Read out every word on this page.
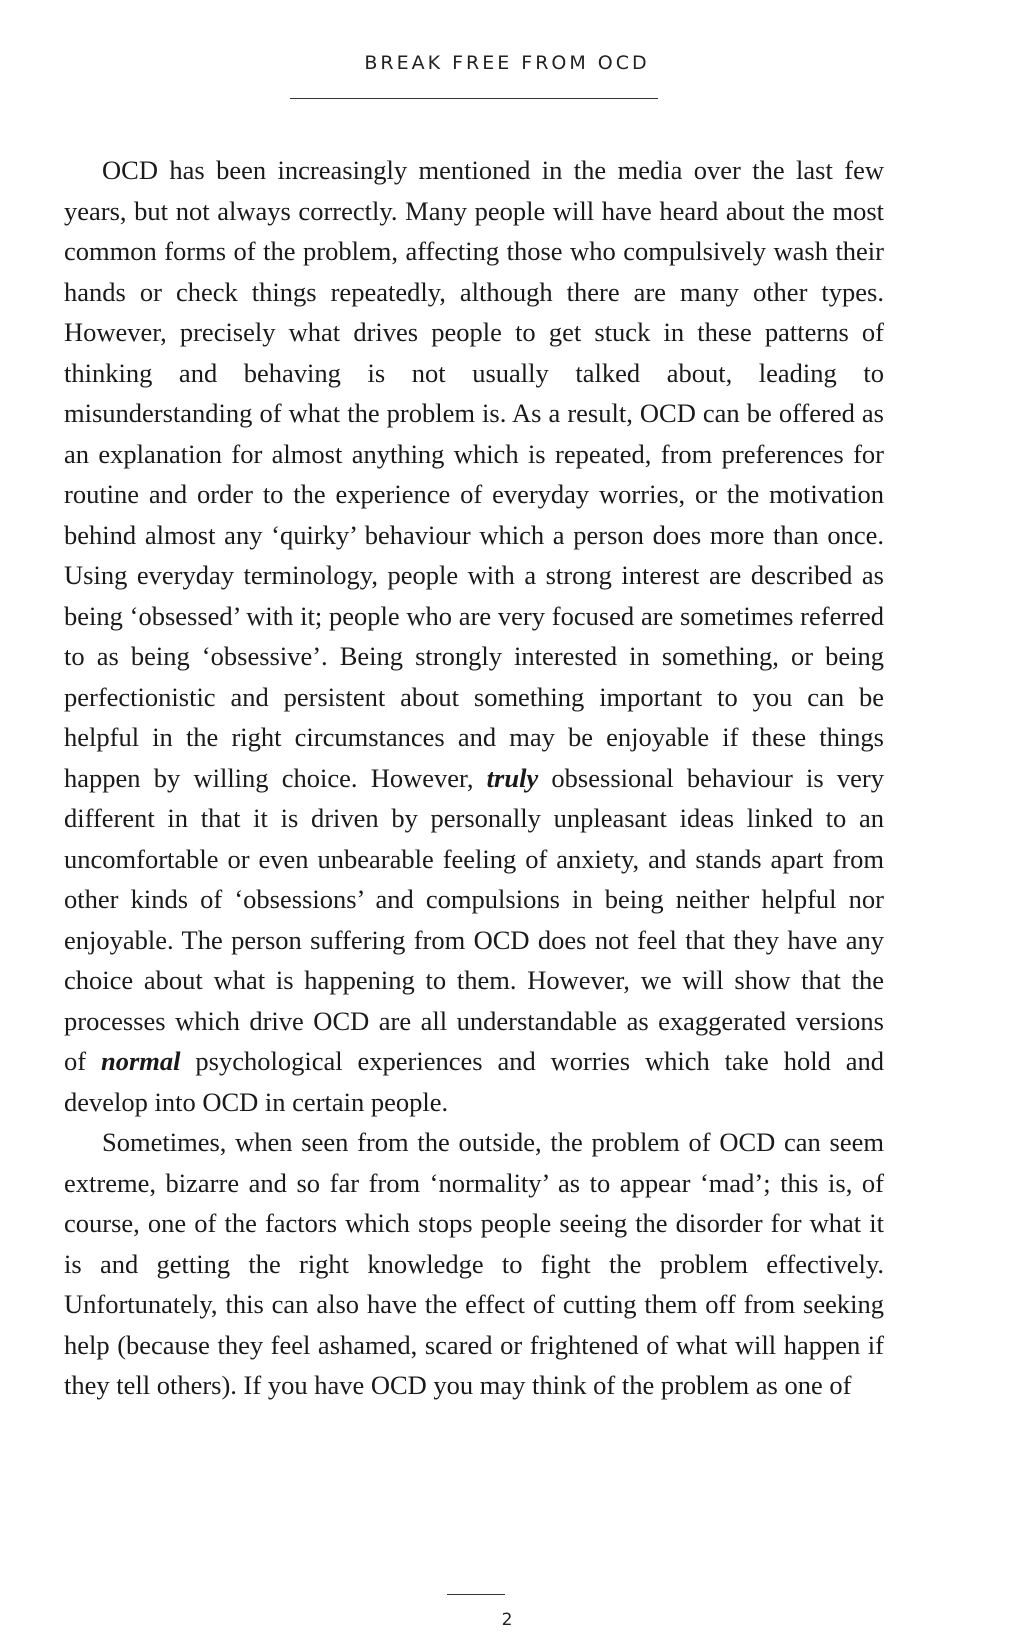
BREAK FREE FROM OCD

OCD has been increasingly mentioned in the media over the last few years, but not always correctly. Many people will have heard about the most common forms of the problem, affecting those who compulsively wash their hands or check things repeatedly, although there are many other types. However, precisely what drives people to get stuck in these patterns of thinking and behaving is not usually talked about, leading to misunderstanding of what the problem is. As a result, OCD can be offered as an explanation for almost anything which is repeated, from preferences for routine and order to the experience of everyday worries, or the motivation behind almost any ‘quirky’ behaviour which a person does more than once. Using everyday terminology, people with a strong interest are described as being ‘obsessed’ with it; people who are very focused are sometimes referred to as being ‘obsessive’. Being strongly interested in something, or being perfectionistic and persistent about something important to you can be helpful in the right circumstances and may be enjoyable if these things happen by willing choice. However, truly obsessional behaviour is very different in that it is driven by personally unpleasant ideas linked to an uncomfortable or even unbearable feeling of anxiety, and stands apart from other kinds of ‘obsessions’ and compulsions in being neither helpful nor enjoyable. The person suffering from OCD does not feel that they have any choice about what is happening to them. However, we will show that the processes which drive OCD are all understandable as exaggerated versions of normal psychological experiences and worries which take hold and develop into OCD in certain people.

Sometimes, when seen from the outside, the problem of OCD can seem extreme, bizarre and so far from ‘normality’ as to appear ‘mad’; this is, of course, one of the factors which stops people seeing the disorder for what it is and getting the right knowledge to fight the problem effectively. Unfortunately, this can also have the effect of cutting them off from seeking help (because they feel ashamed, scared or frightened of what will happen if they tell others). If you have OCD you may think of the problem as one of

2
